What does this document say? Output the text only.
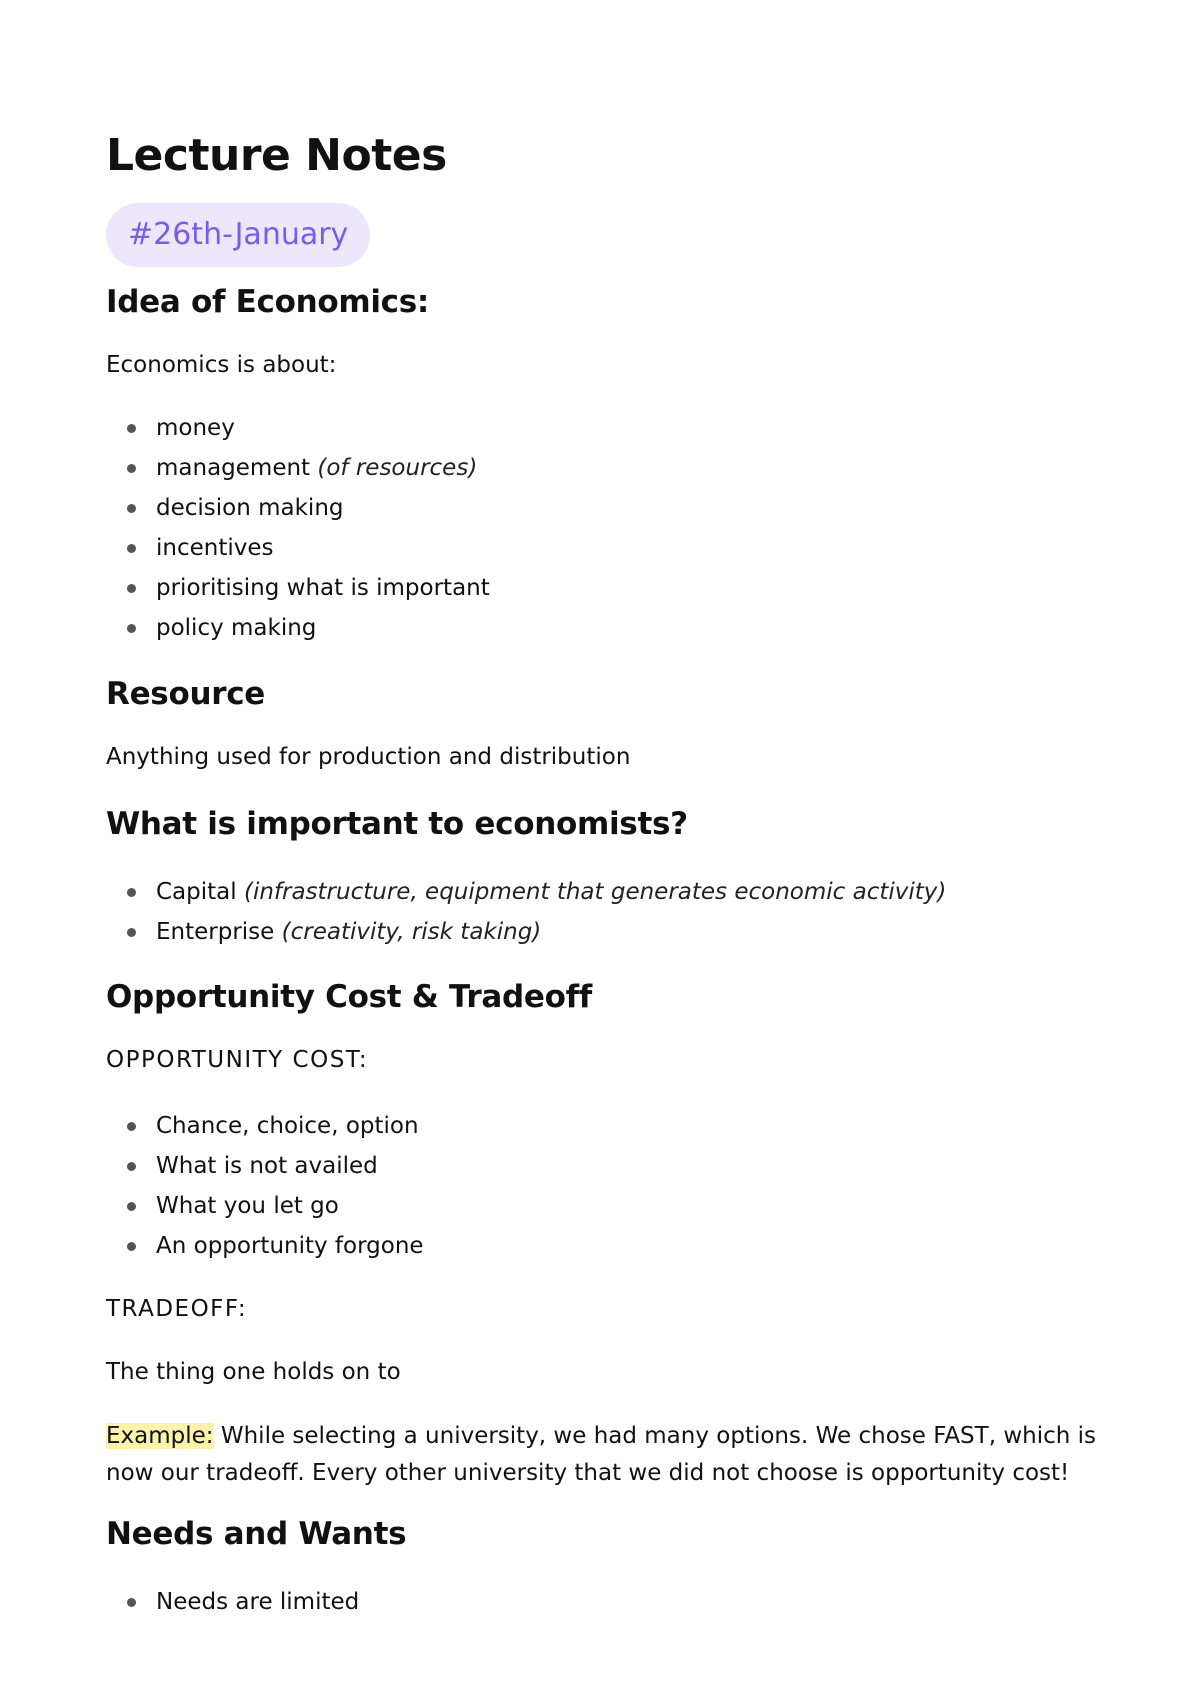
Lecture Notes
#26th-January
Idea of Economics:

Economics is about:

money
management (of resources)
decision making
incentives
prioritising what is important
policy making
Resource

Anything used for production and distribution

What is important to economists?
Capital (infrastructure, equipment that generates economic activity)
Enterprise (creativity, risk taking)
Opportunity Cost & Tradeoff

OPPORTUNITY COST:

Chance, choice, option
What is not availed
What you let go
An opportunity forgone

TRADEOFF:

The thing one holds on to

Example: While selecting a university, we had many options. We chose FAST, which is now our tradeoff. Every other university that we did not choose is opportunity cost!

Needs and Wants
Needs are limited
